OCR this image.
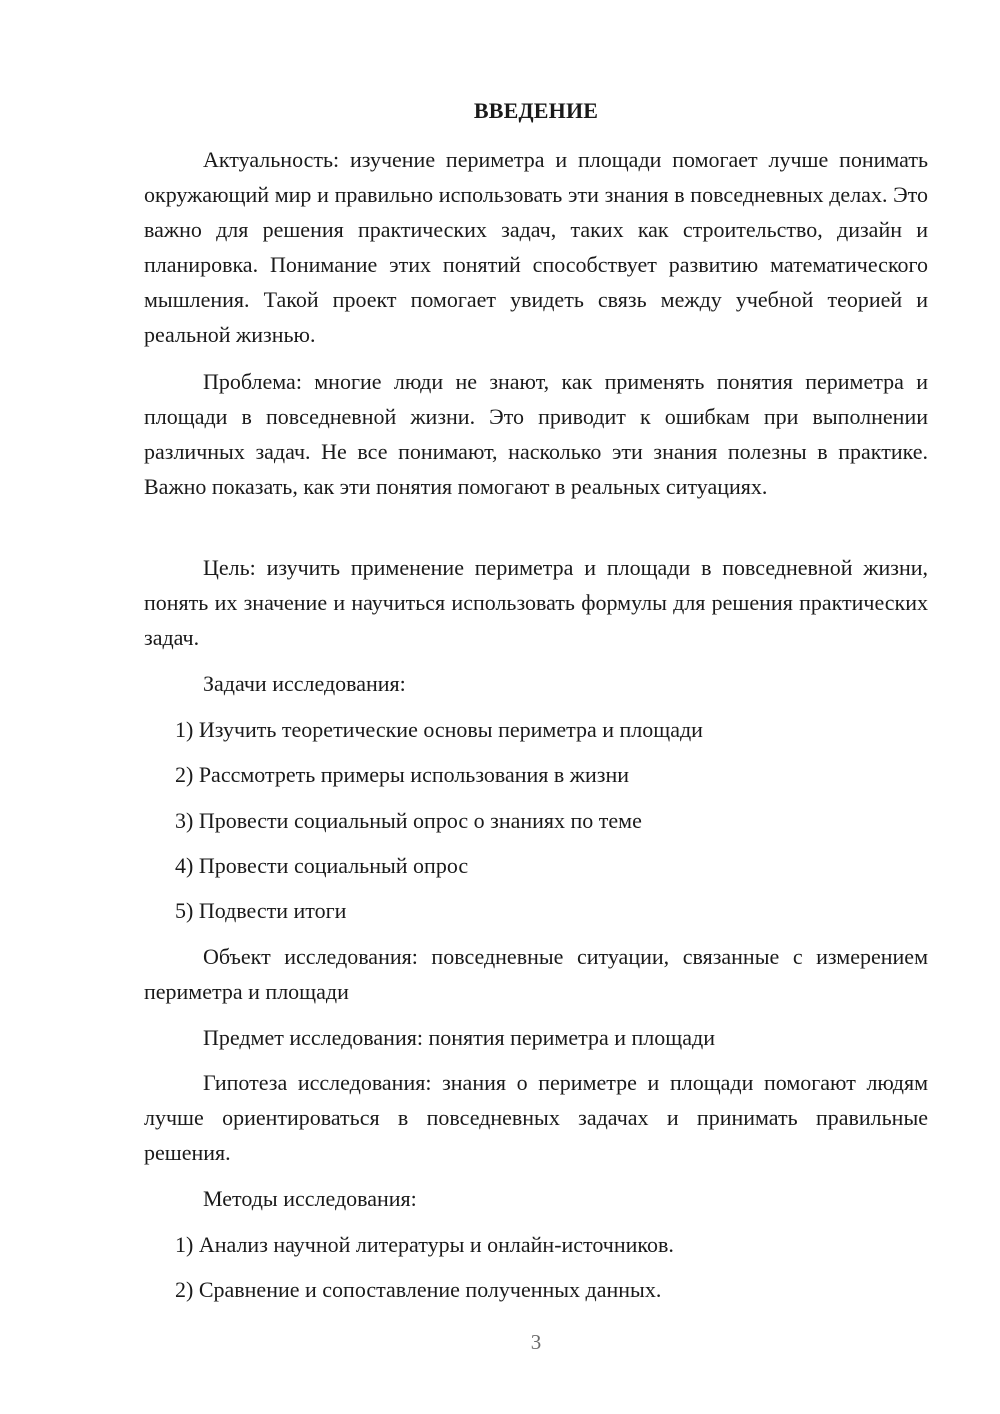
ВВЕДЕНИЕ

Актуальность: изучение периметра и площади помогает лучше понимать окружающий мир и правильно использовать эти знания в повседневных делах. Это важно для решения практических задач, таких как строительство, дизайн и планировка. Понимание этих понятий способствует развитию математического мышления. Такой проект помогает увидеть связь между учебной теорией и реальной жизнью.

Проблема: многие люди не знают, как применять понятия периметра и площади в повседневной жизни. Это приводит к ошибкам при выполнении различных задач. Не все понимают, насколько эти знания полезны в практике. Важно показать, как эти понятия помогают в реальных ситуациях.

Цель: изучить применение периметра и площади в повседневной жизни, понять их значение и научиться использовать формулы для решения практических задач.

Задачи исследования:

1) Изучить теоретические основы периметра и площади

2) Рассмотреть примеры использования в жизни

3) Провести социальный опрос о знаниях по теме

4) Провести социальный опрос

5) Подвести итоги

Объект исследования: повседневные ситуации, связанные с измерением периметра и площади

Предмет исследования: понятия периметра и площади

Гипотеза исследования: знания о периметре и площади помогают людям лучше ориентироваться в повседневных задачах и принимать правильные решения.

Методы исследования:

1) Анализ научной литературы и онлайн-источников.

2) Сравнение и сопоставление полученных данных.

3
